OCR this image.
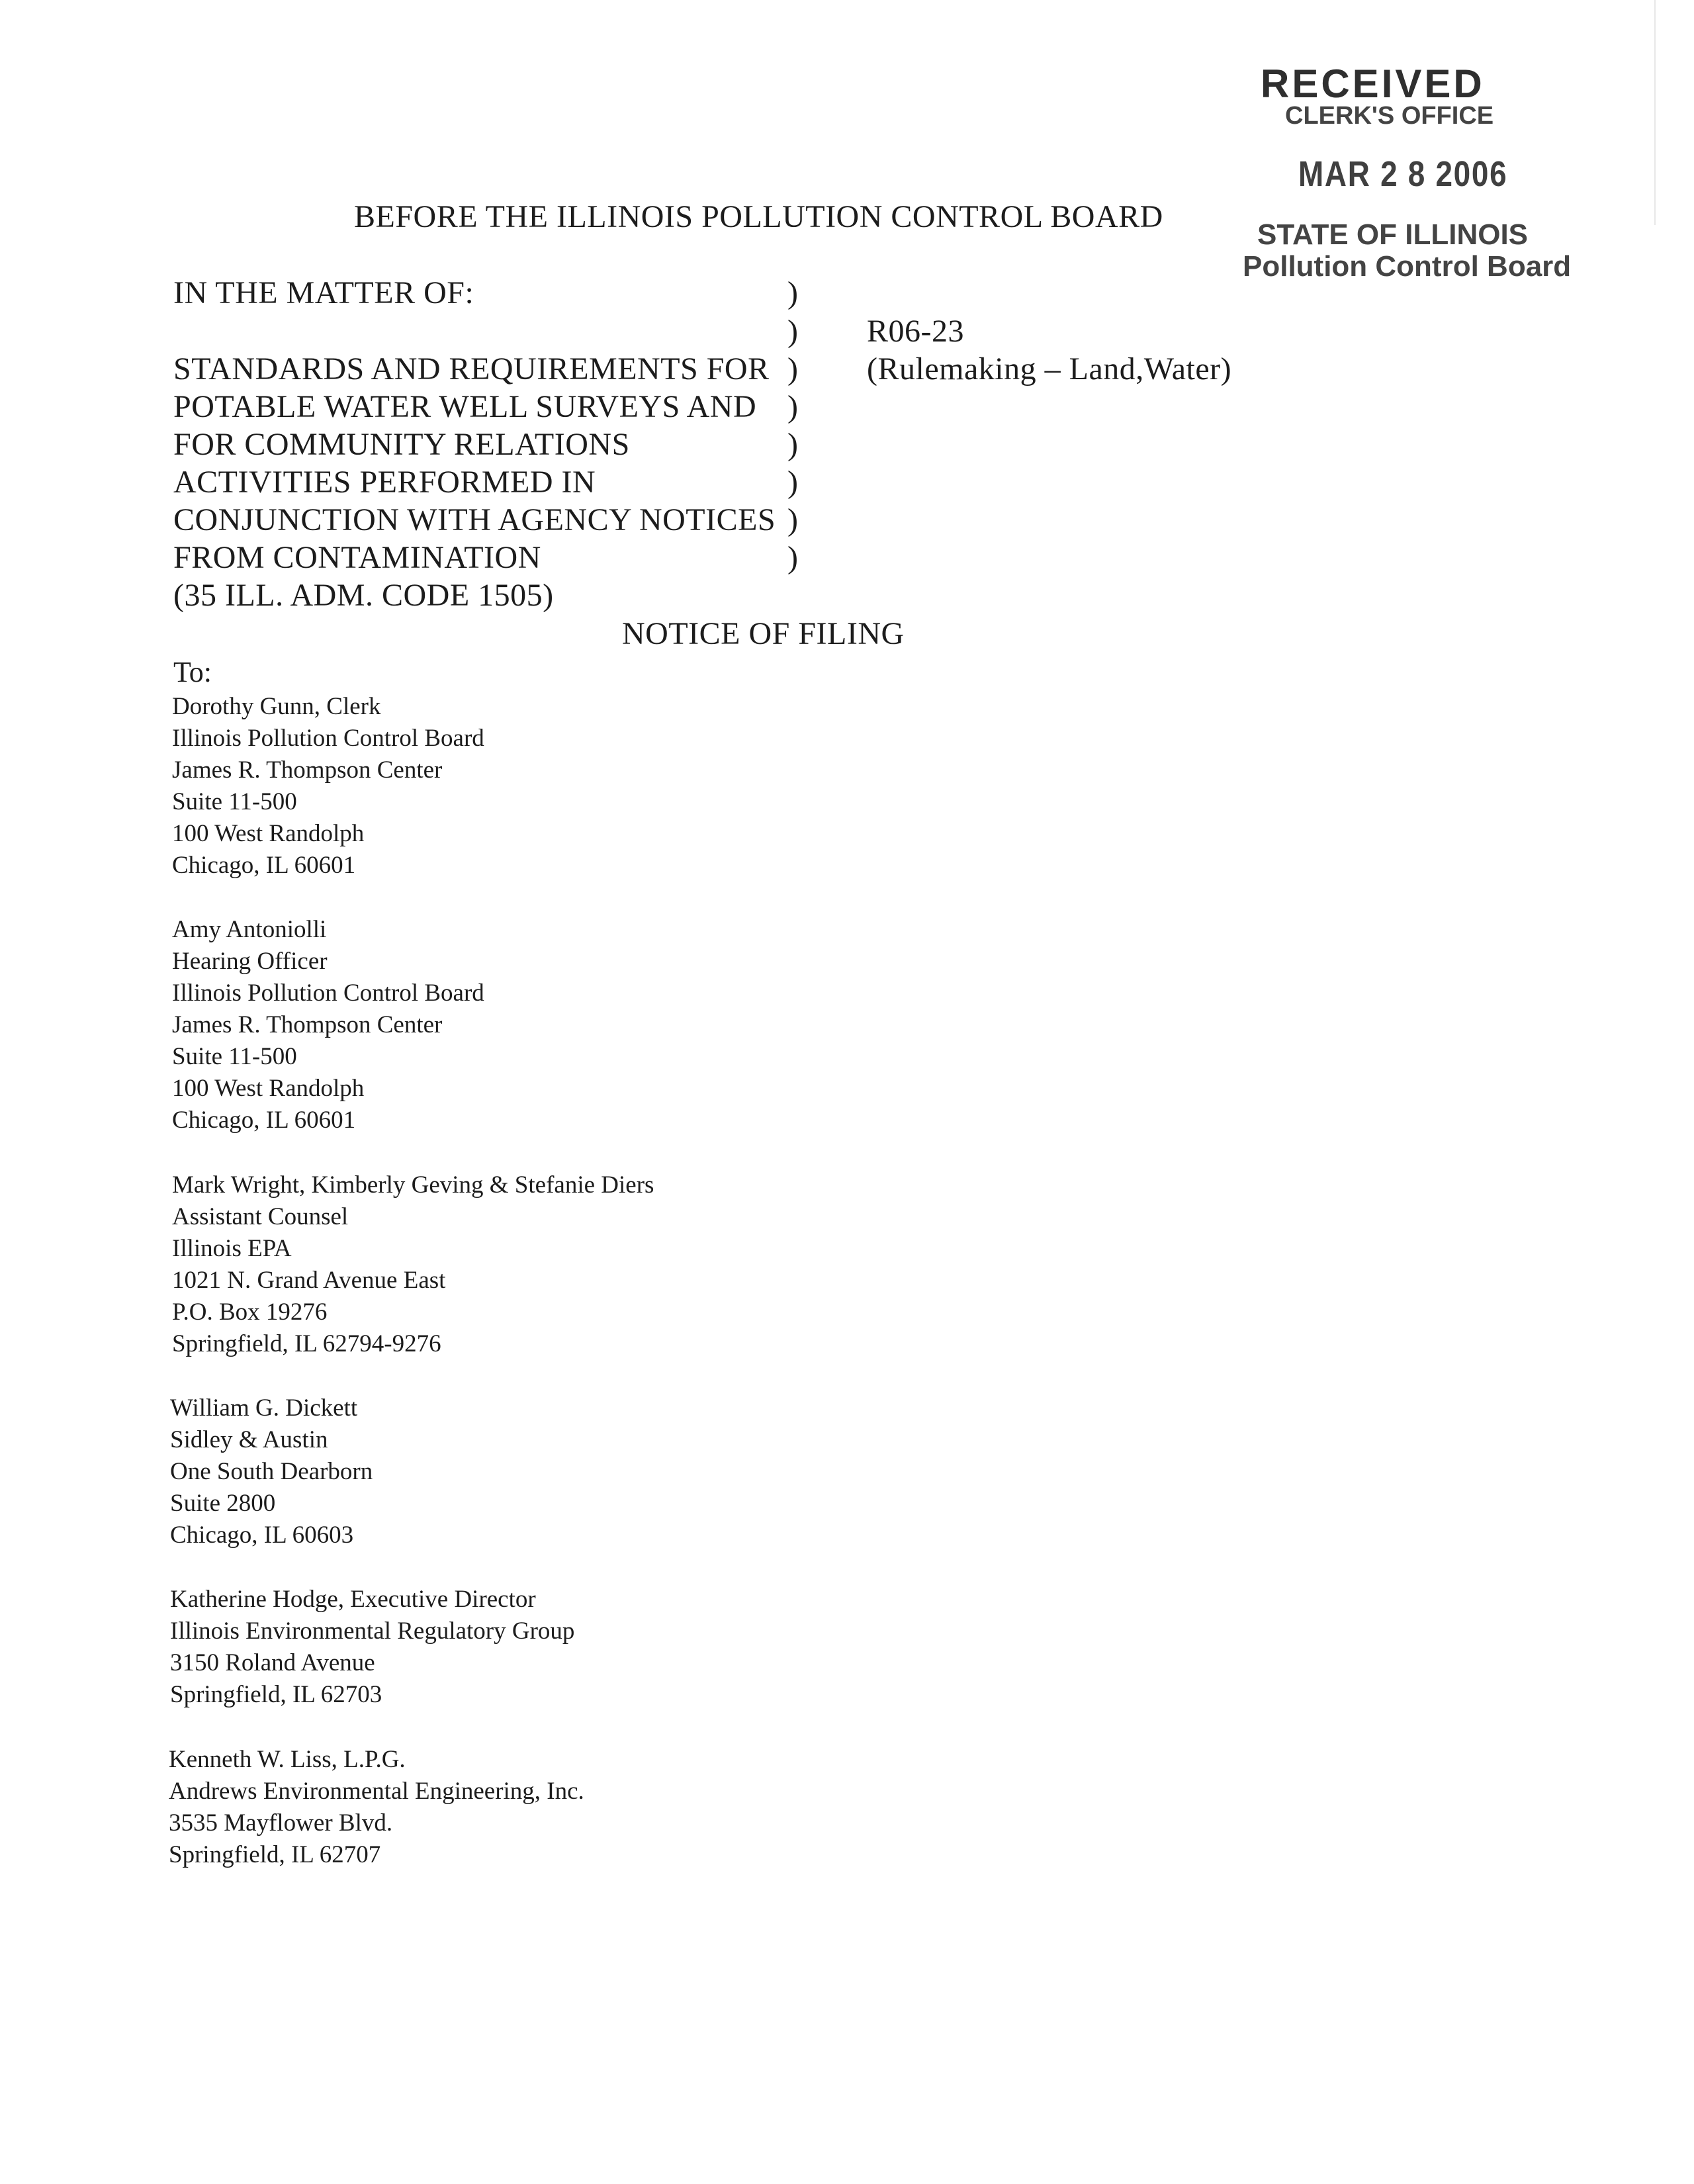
RECEIVED
CLERK'S OFFICE
MAR 2 8 2006
STATE OF ILLINOIS
Pollution Control Board
BEFORE THE ILLINOIS POLLUTION CONTROL BOARD
IN THE MATTER OF:
STANDARDS AND REQUIREMENTS FOR
POTABLE WATER WELL SURVEYS AND
FOR COMMUNITY RELATIONS
ACTIVITIES PERFORMED IN
CONJUNCTION WITH AGENCY NOTICES
FROM CONTAMINATION
(35 ILL. ADM. CODE 1505)
)
)
)
)
)
)
)
)
R06-23
(Rulemaking – Land,Water)
NOTICE OF FILING
To:
Dorothy Gunn, Clerk
Illinois Pollution Control Board
James R. Thompson Center
Suite 11-500
100 West Randolph
Chicago, IL 60601
Amy Antoniolli
Hearing Officer
Illinois Pollution Control Board
James R. Thompson Center
Suite 11-500
100 West Randolph
Chicago, IL 60601
Mark Wright, Kimberly Geving & Stefanie Diers
Assistant Counsel
Illinois EPA
1021 N. Grand Avenue East
P.O. Box 19276
Springfield, IL 62794-9276
William G. Dickett
Sidley & Austin
One South Dearborn
Suite 2800
Chicago, IL 60603
Katherine Hodge, Executive Director
Illinois Environmental Regulatory Group
3150 Roland Avenue
Springfield, IL 62703
Kenneth W. Liss, L.P.G.
Andrews Environmental Engineering, Inc.
3535 Mayflower Blvd.
Springfield, IL 62707
